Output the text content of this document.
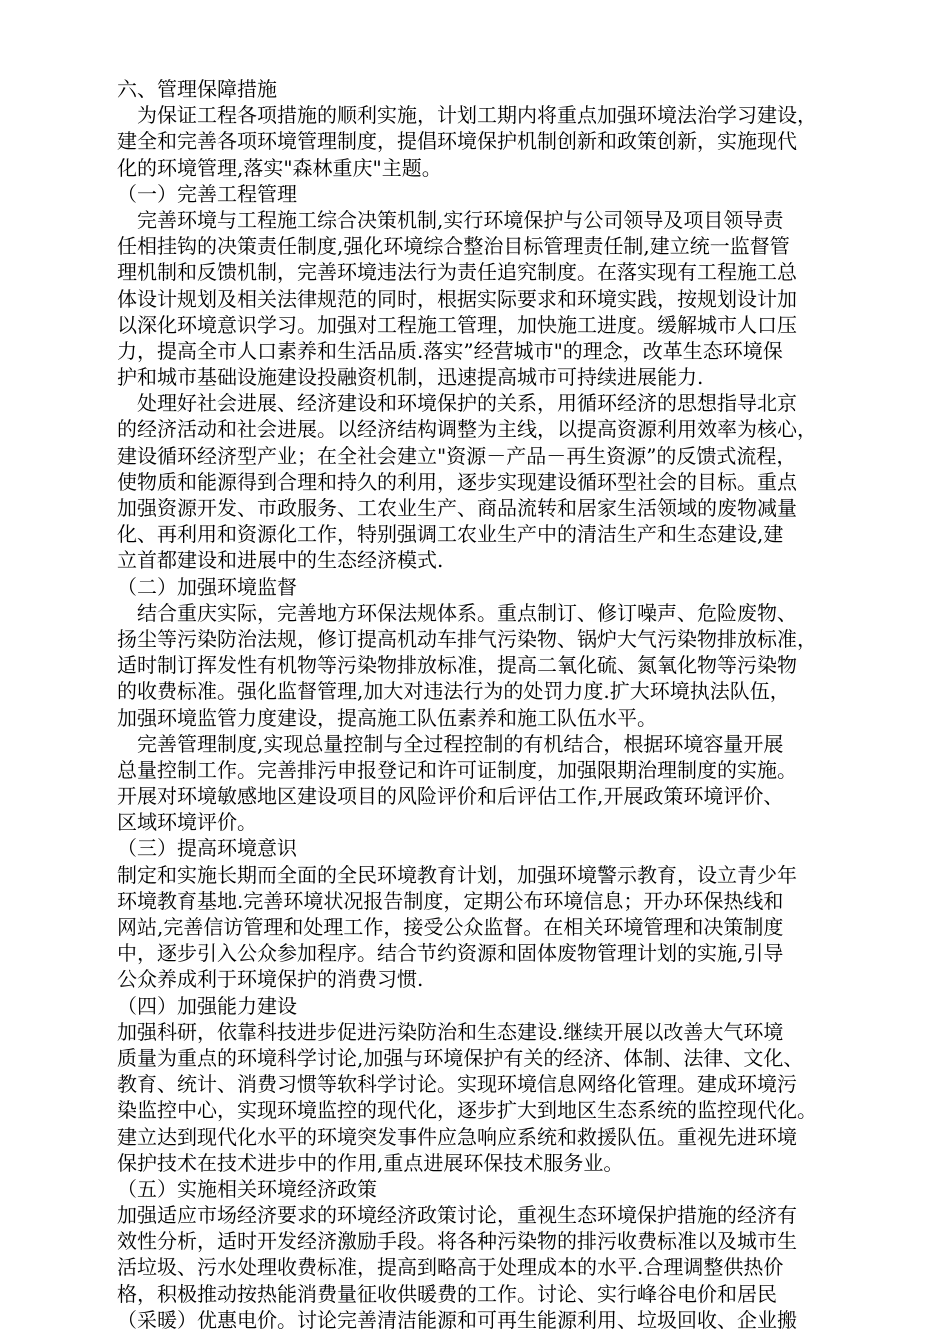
六、管理保障措施
　为保证工程各项措施的顺利实施，计划工期内将重点加强环境法治学习建设，
建全和完善各项环境管理制度，提倡环境保护机制创新和政策创新，实施现代
化的环境管理,落实"森林重庆"主题。
（一）完善工程管理
　完善环境与工程施工综合决策机制,实行环境保护与公司领导及项目领导责
任相挂钩的决策责任制度,强化环境综合整治目标管理责任制,建立统一监督管
理机制和反馈机制，完善环境违法行为责任追究制度。在落实现有工程施工总
体设计规划及相关法律规范的同时，根据实际要求和环境实践，按规划设计加
以深化环境意识学习。加强对工程施工管理，加快施工进度。缓解城市人口压
力，提高全市人口素养和生活品质.落实”经营城市"的理念，改革生态环境保
护和城市基础设施建设投融资机制，迅速提高城市可持续进展能力.
　处理好社会进展、经济建设和环境保护的关系，用循环经济的思想指导北京
的经济活动和社会进展。以经济结构调整为主线，以提高资源利用效率为核心，
建设循环经济型产业；在全社会建立"资源－产品－再生资源”的反馈式流程，
使物质和能源得到合理和持久的利用，逐步实现建设循环型社会的目标。重点
加强资源开发、市政服务、工农业生产、商品流转和居家生活领域的废物减量
化、再利用和资源化工作，特别强调工农业生产中的清洁生产和生态建设,建
立首都建设和进展中的生态经济模式.
（二）加强环境监督
　结合重庆实际，完善地方环保法规体系。重点制订、修订噪声、危险废物、
扬尘等污染防治法规，修订提高机动车排气污染物、锅炉大气污染物排放标准，
适时制订挥发性有机物等污染物排放标准，提高二氧化硫、氮氧化物等污染物
的收费标准。强化监督管理,加大对违法行为的处罚力度.扩大环境执法队伍，
加强环境监管力度建设，提高施工队伍素养和施工队伍水平。
　完善管理制度,实现总量控制与全过程控制的有机结合，根据环境容量开展
总量控制工作。完善排污申报登记和许可证制度，加强限期治理制度的实施。
开展对环境敏感地区建设项目的风险评价和后评估工作,开展政策环境评价、
区域环境评价。
（三）提高环境意识
制定和实施长期而全面的全民环境教育计划，加强环境警示教育，设立青少年
环境教育基地.完善环境状况报告制度，定期公布环境信息；开办环保热线和
网站,完善信访管理和处理工作，接受公众监督。在相关环境管理和决策制度
中，逐步引入公众参加程序。结合节约资源和固体废物管理计划的实施,引导
公众养成利于环境保护的消费习惯.
（四）加强能力建设
加强科研，依靠科技进步促进污染防治和生态建设.继续开展以改善大气环境
质量为重点的环境科学讨论,加强与环境保护有关的经济、体制、法律、文化、
教育、统计、消费习惯等软科学讨论。实现环境信息网络化管理。建成环境污
染监控中心，实现环境监控的现代化，逐步扩大到地区生态系统的监控现代化。
建立达到现代化水平的环境突发事件应急响应系统和救援队伍。重视先进环境
保护技术在技术进步中的作用,重点进展环保技术服务业。
（五）实施相关环境经济政策
加强适应市场经济要求的环境经济政策讨论，重视生态环境保护措施的经济有
效性分析，适时开发经济激励手段。将各种污染物的排污收费标准以及城市生
活垃圾、污水处理收费标准，提高到略高于处理成本的水平.合理调整供热价
格，积极推动按热能消费量征收供暖费的工作。讨论、实行峰谷电价和居民
（采暖）优惠电价。讨论完善清洁能源和可再生能源利用、垃圾回收、企业搬
